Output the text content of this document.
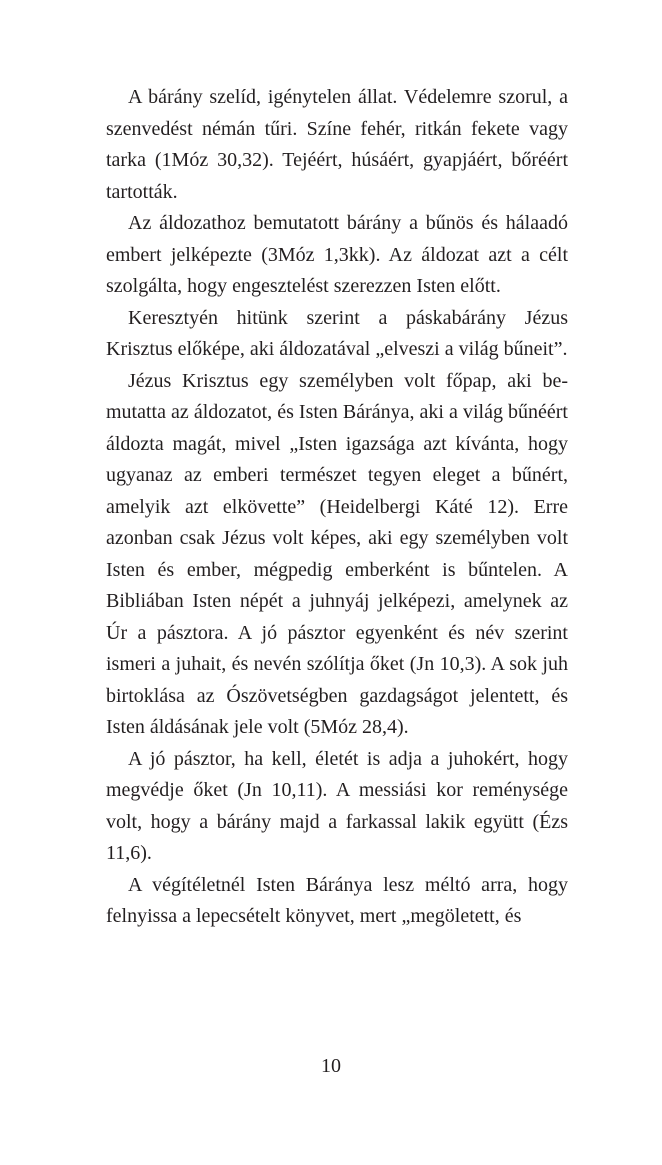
A bárány szelíd, igénytelen állat. Védelemre szorul, a szenvedést némán tűri. Színe fehér, ritkán fekete vagy tarka (1Móz 30,32). Tejéért, húsáért, gyapjáért, bőréért tartották.

Az áldozathoz bemutatott bárány a bűnös és hálaadó embert jelképezte (3Móz 1,3kk). Az áldozat azt a célt szolgálta, hogy engesztelést szerezzen Isten előtt.

Keresztyén hitünk szerint a páskabárány Jézus Krisztus előképe, aki áldozatával „elveszi a világ bűneit”.

Jézus Krisztus egy személyben volt főpap, aki bemutatta az áldozatot, és Isten Báránya, aki a világ bűnéért áldozta magát, mivel „Isten igazsága azt kívánta, hogy ugyanaz az emberi természet tegyen eleget a bűnért, amelyik azt elkövette” (Heidelbergi Káté 12). Erre azonban csak Jézus volt képes, aki egy személyben volt Isten és ember, mégpedig emberként is bűntelen. A Bibliában Isten népét a juhnyáj jelképezi, amelynek az Úr a pásztora. A jó pásztor egyenként és név szerint ismeri a juhait, és nevén szólítja őket (Jn 10,3). A sok juh birtoklása az Ószövetségben gazdagságot jelentett, és Isten áldásának jele volt (5Móz 28,4).

A jó pásztor, ha kell, életét is adja a juhokért, hogy megvédje őket (Jn 10,11). A messiási kor reménysége volt, hogy a bárány majd a farkassal lakik együtt (Ézs 11,6).

A végítéletnél Isten Báránya lesz méltó arra, hogy felnyissa a lepecsételt könyvet, mert „megöletett, és

10
